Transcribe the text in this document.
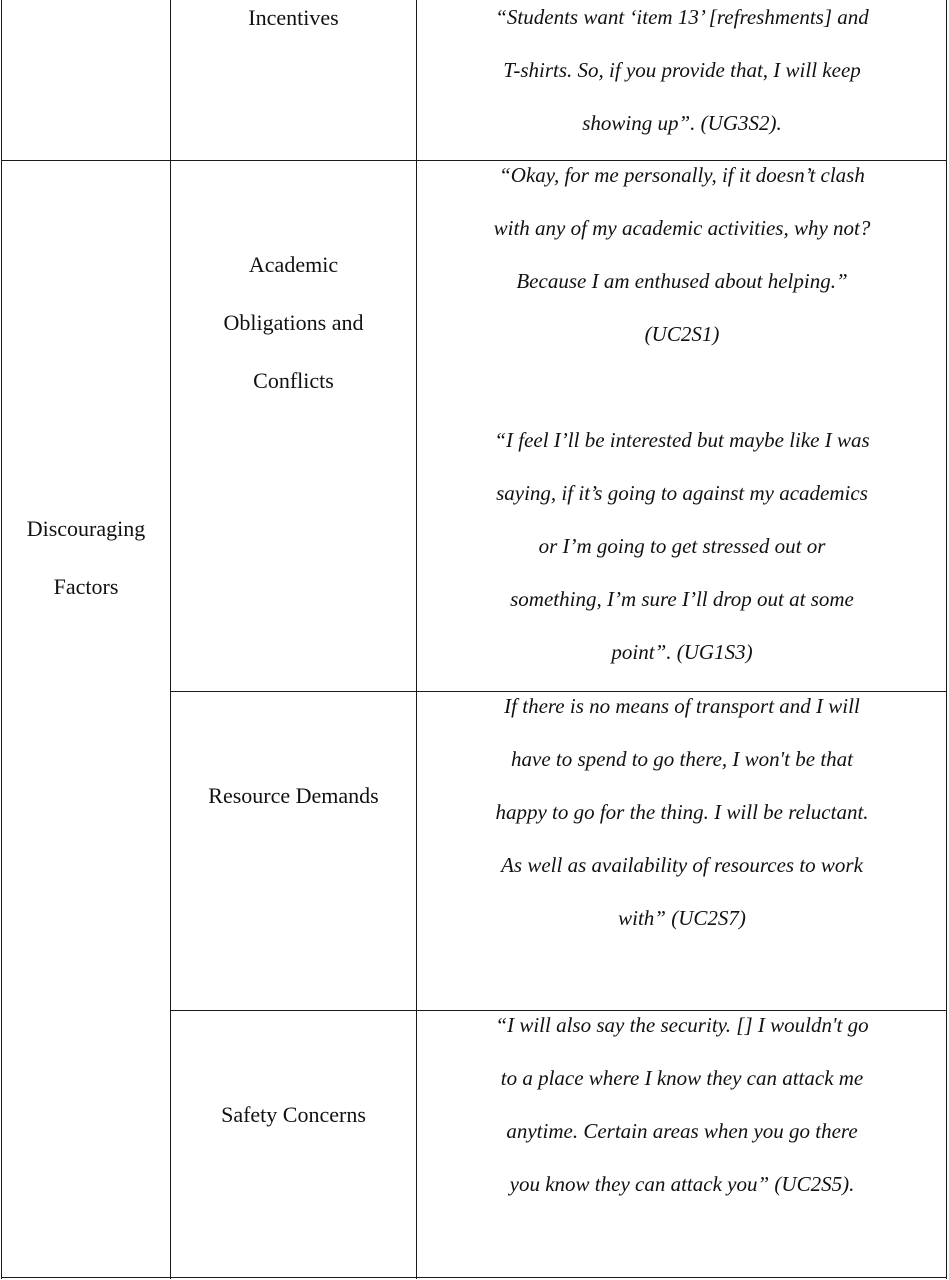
Incentives	“Students want ‘item 13’ [refreshments] and
T-shirts. So, if you provide that, I will keep
showing up”. (UG3S2).
Discouraging
Factors
Academic
Obligations and
Conflicts
“Okay, for me personally, if it doesn’t clash
with any of my academic activities, why not?
Because I am enthused about helping.”
(UC2S1)
“I feel I’ll be interested but maybe like I was
saying, if it’s going to against my academics
or I’m going to get stressed out or
something, I’m sure I’ll drop out at some
point”. (UG1S3)
Resource Demands
If there is no means of transport and I will
have to spend to go there, I won't be that
happy to go for the thing. I will be reluctant.
As well as availability of resources to work
with” (UC2S7)
Safety Concerns
“I will also say the security. [] I wouldn't go
to a place where I know they can attack me
anytime. Certain areas when you go there
you know they can attack you” (UC2S5).
